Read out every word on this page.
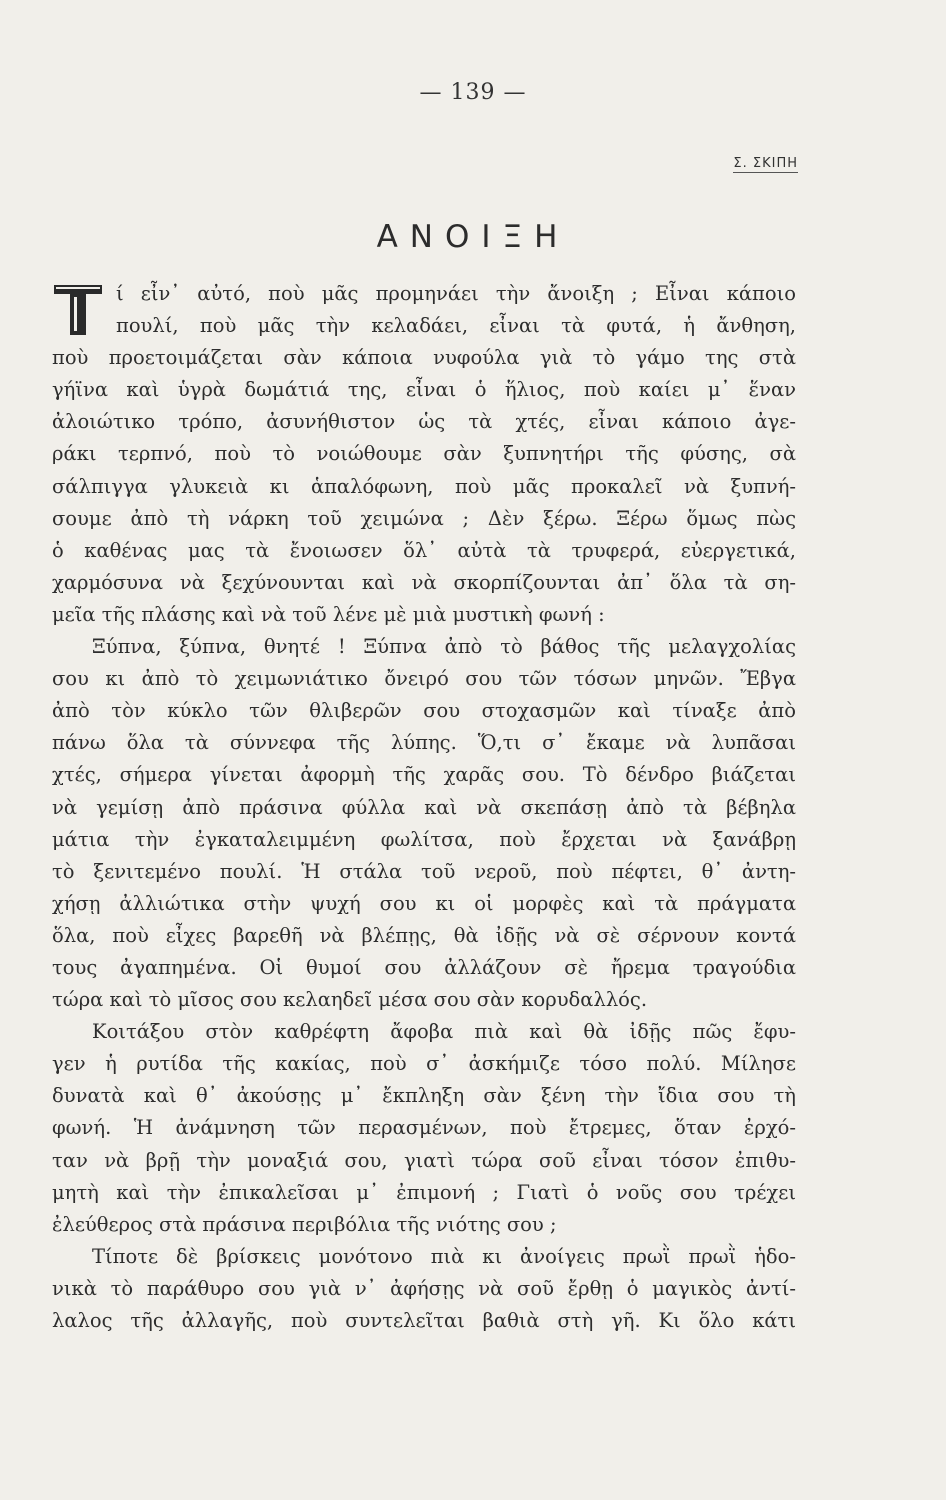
— 139 —
Σ. ΣΚΙΠΗ
ΑΝΟΙΞΗ
ί εἶν᾽ αὐτό, ποὺ μᾶς προμηνάει τὴν ἄνοιξη ; Εἶναι κάποιο
πουλί, ποὺ μᾶς τὴν κελαδάει, εἶναι τὰ φυτά, ἡ ἄνθηση,
ποὺ προετοιμάζεται σὰν κάποια νυφούλα γιὰ τὸ γάμο της στὰ
γήϊνα καὶ ὑγρὰ δωμάτιά της, εἶναι ὁ ἥλιος, ποὺ καίει μ᾽ ἕναν
ἀλοιώτικο τρόπο, ἀσυνήθιστον ὡς τὰ χτές, εἶναι κάποιο ἀγε-
ράκι τερπνό, ποὺ τὸ νοιώθουμε σὰν ξυπνητήρι τῆς φύσης, σὰ
σάλπιγγα γλυκειὰ κι ἁπαλόφωνη, ποὺ μᾶς προκαλεῖ νὰ ξυπνή-
σουμε ἀπὸ τὴ νάρκη τοῦ χειμώνα ; Δὲν ξέρω. Ξέρω ὅμως πὼς
ὁ καθένας μας τὰ ἔνοιωσεν ὅλ᾽ αὐτὰ τὰ τρυφερά, εὐεργετικά,
χαρμόσυνα νὰ ξεχύνουνται καὶ νὰ σκορπίζουνται ἀπ᾽ ὅλα τὰ ση-
μεῖα τῆς πλάσης καὶ νὰ τοῦ λένε μὲ μιὰ μυστικὴ φωνή :
Ξύπνα, ξύπνα, θνητέ ! Ξύπνα ἀπὸ τὸ βάθος τῆς μελαγχολίας
σου κι ἀπὸ τὸ χειμωνιάτικο ὄνειρό σου τῶν τόσων μηνῶν. Ἔβγα
ἀπὸ τὸν κύκλο τῶν θλιβερῶν σου στοχασμῶν καὶ τίναξε ἀπὸ
πάνω ὅλα τὰ σύννεφα τῆς λύπης. Ὅ,τι σ᾽ ἔκαμε νὰ λυπᾶσαι
χτές, σήμερα γίνεται ἀφορμὴ τῆς χαρᾶς σου. Τὸ δένδρο βιάζεται
νὰ γεμίσῃ ἀπὸ πράσινα φύλλα καὶ νὰ σκεπάσῃ ἀπὸ τὰ βέβηλα
μάτια τὴν ἐγκαταλειμμένη φωλίτσα, ποὺ ἔρχεται νὰ ξανάβρῃ
τὸ ξενιτεμένο πουλί. Ἡ στάλα τοῦ νεροῦ, ποὺ πέφτει, θ᾽ ἀντη-
χήσῃ ἀλλιώτικα στὴν ψυχή σου κι οἱ μορφὲς καὶ τὰ πράγματα
ὅλα, ποὺ εἶχες βαρεθῆ νὰ βλέπῃς, θὰ ἰδῇς νὰ σὲ σέρνουν κοντά
τους ἀγαπημένα. Οἱ θυμοί σου ἀλλάζουν σὲ ἤρεμα τραγούδια
τώρα καὶ τὸ μῖσος σου κελαηδεῖ μέσα σου σὰν κορυδαλλός.
Κοιτάξου στὸν καθρέφτη ἄφοβα πιὰ καὶ θὰ ἰδῇς πῶς ἔφυ-
γεν ἡ ρυτίδα τῆς κακίας, ποὺ σ᾽ ἀσκήμιζε τόσο πολύ. Μίλησε
δυνατὰ καὶ θ᾽ ἀκούσῃς μ᾽ ἔκπληξη σὰν ξένη τὴν ἴδια σου τὴ
φωνή. Ἡ ἀνάμνηση τῶν περασμένων, ποὺ ἔτρεμες, ὅταν ἐρχό-
ταν νὰ βρῇ τὴν μοναξιά σου, γιατὶ τώρα σοῦ εἶναι τόσον ἐπιθυ-
μητὴ καὶ τὴν ἐπικαλεῖσαι μ᾽ ἐπιμονή ; Γιατὶ ὁ νοῦς σου τρέχει
ἐλεύθερος στὰ πράσινα περιβόλια τῆς νιότης σου ;
Τίποτε δὲ βρίσκεις μονότονο πιὰ κι ἀνοίγεις πρωῒ πρωῒ ἡδο-
νικὰ τὸ παράθυρο σου γιὰ ν᾽ ἀφήσῃς νὰ σοῦ ἔρθῃ ὁ μαγικὸς ἀντί-
λαλος τῆς ἀλλαγῆς, ποὺ συντελεῖται βαθιὰ στὴ γῆ. Κι ὅλο κάτι
